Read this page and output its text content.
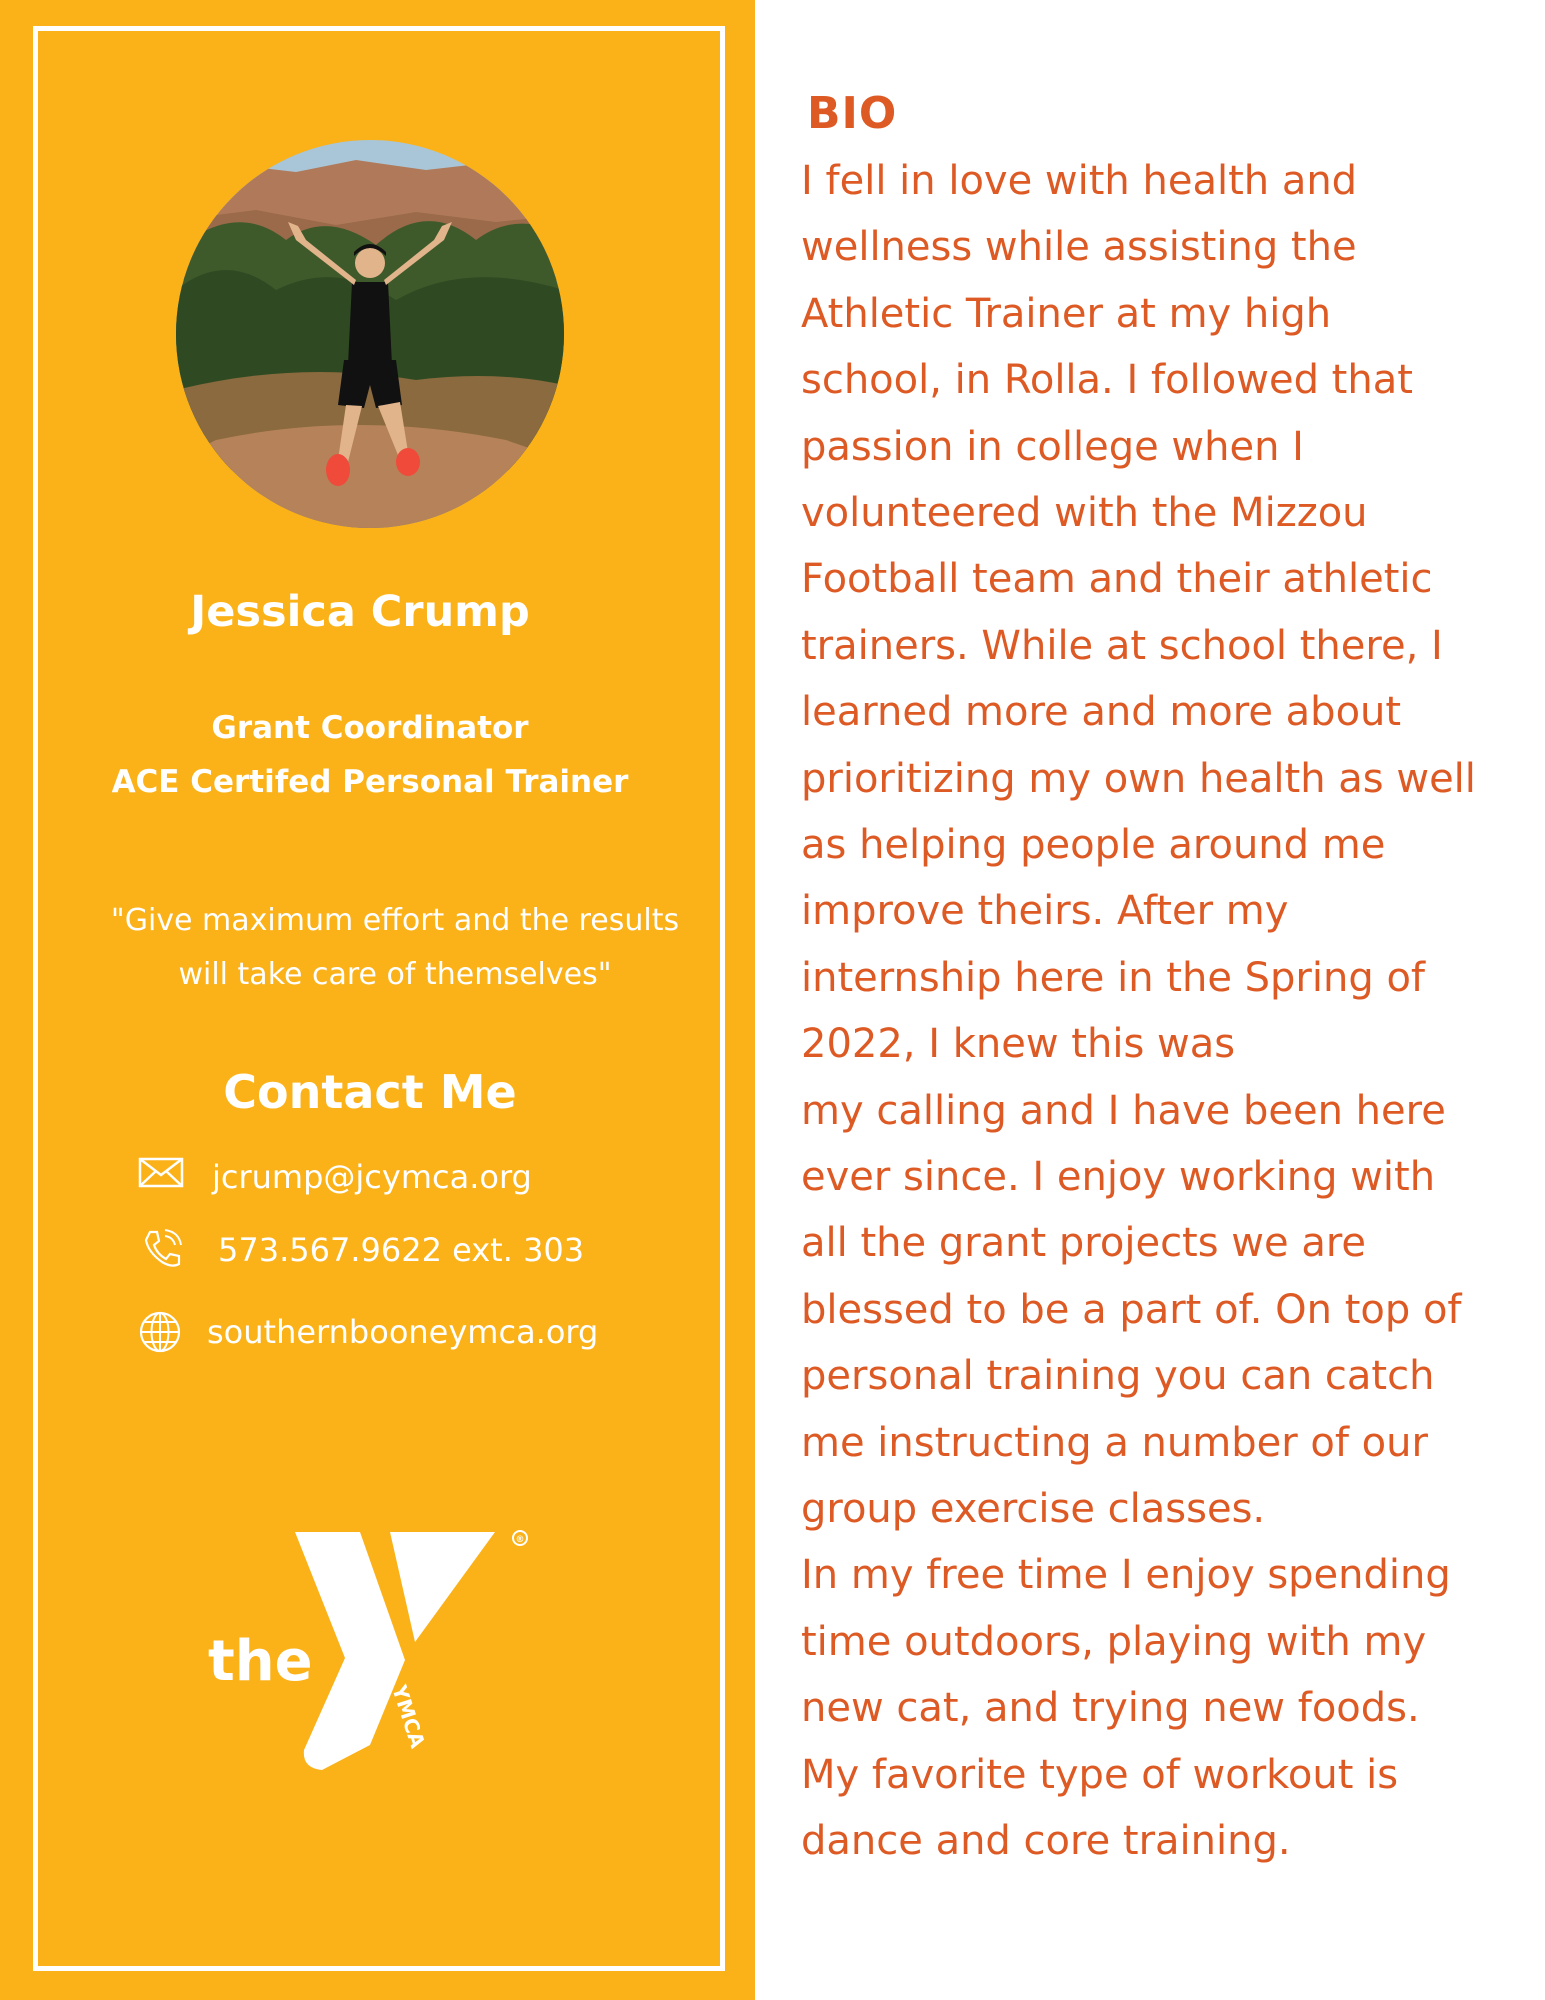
Jessica Crump
Grant Coordinator
ACE Certifed Personal Trainer
"Give maximum effort and the results
will take care of themselves"
Contact Me
jcrump@jcymca.org
573.567.9622 ext. 303
southernbooneymca.org
®
the
YMCA
BIO
I fell in love with health and
wellness while assisting the
Athletic Trainer at my high
school, in Rolla. I followed that
passion in college when I
volunteered with the Mizzou
Football team and their athletic
trainers. While at school there, I
learned more and more about
prioritizing my own health as well
as helping people around me
improve theirs. After my
internship here in the Spring of
2022, I knew this was
my calling and I have been here
ever since. I enjoy working with
all the grant projects we are
blessed to be a part of. On top of
personal training you can catch
me instructing a number of our
group exercise classes.
In my free time I enjoy spending
time outdoors, playing with my
new cat, and trying new foods.
My favorite type of workout is
dance and core training.
